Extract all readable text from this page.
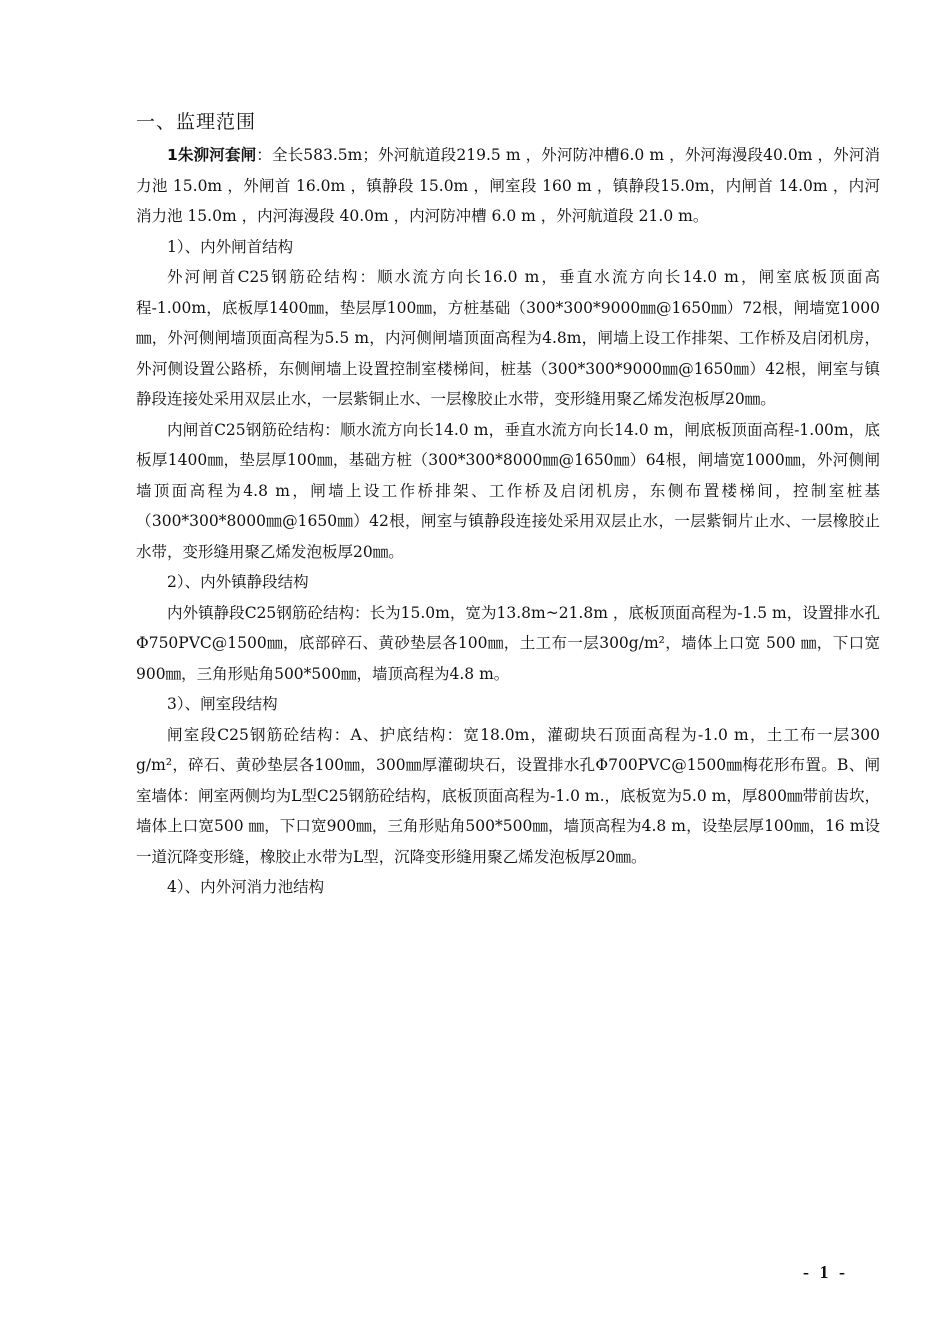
一、监理范围

1朱泖河套闸：全长583.5m；外河航道段219.5 m ，外河防冲槽6.0 m ，外河海漫段40.0m ，外河消力池 15.0m ，外闸首 16.0m ，镇静段 15.0m ，闸室段 160 m ，镇静段15.0m，内闸首 14.0m ，内河消力池 15.0m ，内河海漫段 40.0m ，内河防冲槽 6.0 m ，外河航道段 21.0 m。

1）、内外闸首结构

外河闸首C25钢筋砼结构：顺水流方向长16.0 m，垂直水流方向长14.0 m，闸室底板顶面高程-1.00m，底板厚1400㎜，垫层厚100㎜，方桩基础（300*300*9000㎜@1650㎜）72根，闸墙宽1000㎜，外河侧闸墙顶面高程为5.5 m，内河侧闸墙顶面高程为4.8m，闸墙上设工作排架、工作桥及启闭机房，外河侧设置公路桥，东侧闸墙上设置控制室楼梯间，桩基（300*300*9000㎜@1650㎜）42根，闸室与镇静段连接处采用双层止水，一层紫铜止水、一层橡胶止水带，变形缝用聚乙烯发泡板厚20㎜。

内闸首C25钢筋砼结构：顺水流方向长14.0 m，垂直水流方向长14.0 m，闸底板顶面高程-1.00m，底板厚1400㎜，垫层厚100㎜，基础方桩（300*300*8000㎜@1650㎜）64根，闸墙宽1000㎜，外河侧闸墙顶面高程为4.8 m，闸墙上设工作桥排架、工作桥及启闭机房，东侧布置楼梯间，控制室桩基（300*300*8000㎜@1650㎜）42根，闸室与镇静段连接处采用双层止水，一层紫铜片止水、一层橡胶止水带，变形缝用聚乙烯发泡板厚20㎜。

2）、内外镇静段结构

内外镇静段C25钢筋砼结构：长为15.0m，宽为13.8m~21.8m ，底板顶面高程为-1.5 m，设置排水孔Φ750PVC@1500㎜，底部碎石、黄砂垫层各100㎜，土工布一层300g/m²，墙体上口宽 500 ㎜，下口宽900㎜，三角形贴角500*500㎜，墙顶高程为4.8 m。

3）、闸室段结构

闸室段C25钢筋砼结构：A、护底结构：宽18.0m，灌砌块石顶面高程为-1.0 m，土工布一层300 g/m²，碎石、黄砂垫层各100㎜，300㎜厚灌砌块石，设置排水孔Φ700PVC@1500㎜梅花形布置。B、闸室墙体：闸室两侧均为L型C25钢筋砼结构，底板顶面高程为-1.0 m.，底板宽为5.0 m，厚800㎜带前齿坎，墙体上口宽500 ㎜，下口宽900㎜，三角形贴角500*500㎜，墙顶高程为4.8 m，设垫层厚100㎜，16 m设一道沉降变形缝，橡胶止水带为L型，沉降变形缝用聚乙烯发泡板厚20㎜。

4）、内外河消力池结构
- 1 -
